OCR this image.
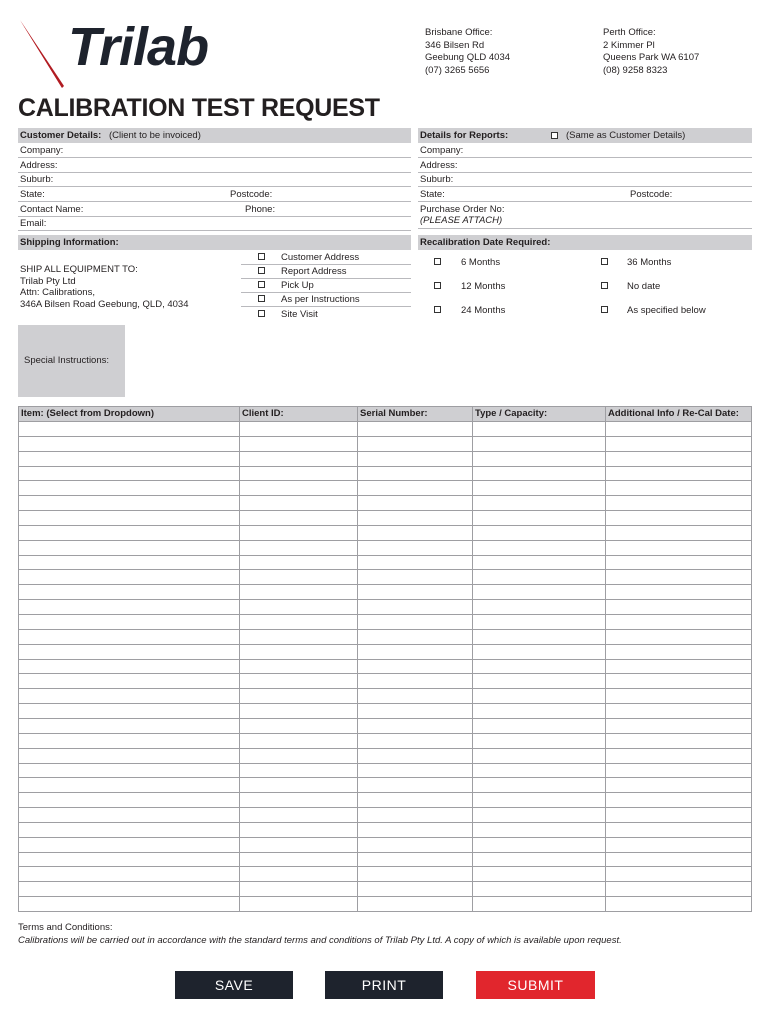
Trilab	Brisbane Office:
346 Bilsen Rd
Geebung QLD 4034
(07) 3265 5656
Perth Office:
2 Kimmer Pl
Queens Park WA 6107
(08) 9258 8323
CALIBRATION TEST REQUEST
Customer Details: (Client to be invoiced)
Company:
Address:
Suburb:
State:	Postcode:
Contact Name:	Phone:
Email:
Details for Reports:	(Same as Customer Details)
Company:
Address:
Suburb:
State:	Postcode:
Purchase Order No:
(PLEASE ATTACH)
Shipping Information:
SHIP ALL EQUIPMENT TO:
Trilab Pty Ltd
Attn: Calibrations,
346A Bilsen Road Geebung, QLD, 4034
Customer Address
Report Address
Pick Up
As per Instructions
Site Visit
Recalibration Date Required:
6 Months
12 Months
24 Months
36 Months
No date
As specified below
Special Instructions:
Item: (Select from Dropdown)	Client ID:	Serial Number:	Type / Capacity:	Additional Info / Re-Cal Date:
Terms and Conditions:
Calibrations will be carried out in accordance with the standard terms and conditions of Trilab Pty Ltd. A copy of which is available upon request.
SAVE	PRINT	SUBMIT
